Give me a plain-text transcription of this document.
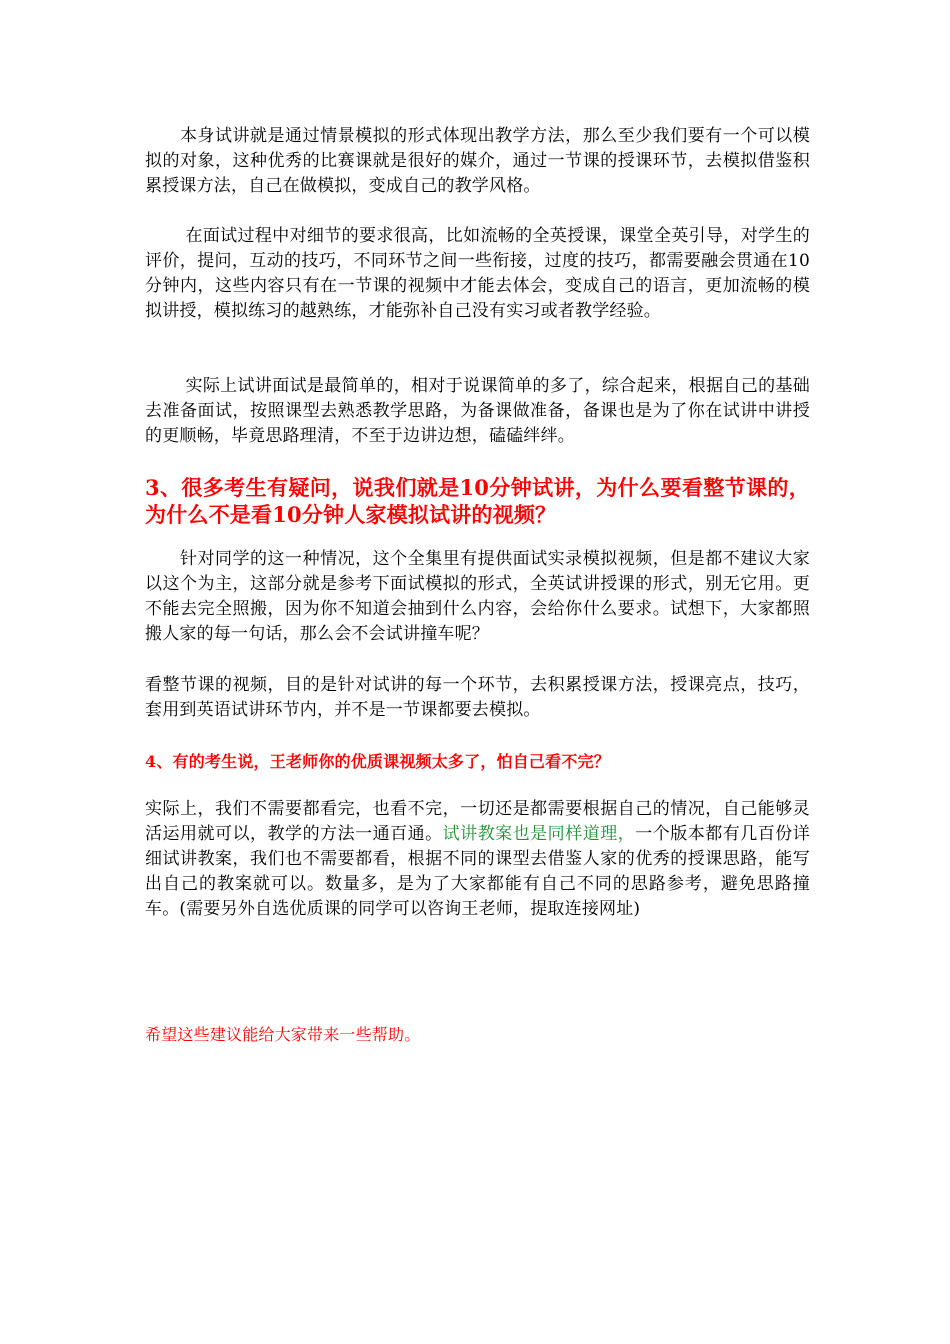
　　本身试讲就是通过情景模拟的形式体现出教学方法，那么至少我们要有一个可以模拟的对象，这种优秀的比赛课就是很好的媒介，通过一节课的授课环节，去模拟借鉴积累授课方法，自己在做模拟，变成自己的教学风格。

　　 在面试过程中对细节的要求很高，比如流畅的全英授课，课堂全英引导，对学生的评价，提问，互动的技巧，不同环节之间一些衔接，过度的技巧，都需要融会贯通在10分钟内，这些内容只有在一节课的视频中才能去体会，变成自己的语言，更加流畅的模拟讲授，模拟练习的越熟练，才能弥补自己没有实习或者教学经验。

　　 实际上试讲面试是最简单的，相对于说课简单的多了，综合起来，根据自己的基础　去准备面试，按照课型去熟悉教学思路，为备课做准备，备课也是为了你在试讲中讲授的更顺畅，毕竟思路理清，不至于边讲边想，磕磕绊绊。

3、很多考生有疑问，说我们就是10分钟试讲，为什么要看整节课的，为什么不是看10分钟人家模拟试讲的视频？

　　针对同学的这一种情况，这个全集里有提供面试实录模拟视频，但是都不建议大家以这个为主，这部分就是参考下面试模拟的形式，全英试讲授课的形式，别无它用。更不能去完全照搬，因为你不知道会抽到什么内容，会给你什么要求。试想下，大家都照搬人家的每一句话，那么会不会试讲撞车呢？

看整节课的视频，目的是针对试讲的每一个环节，去积累授课方法，授课亮点，技巧，套用到英语试讲环节内，并不是一节课都要去模拟。

4、有的考生说，王老师你的优质课视频太多了，怕自己看不完？

实际上，我们不需要都看完，也看不完，一切还是都需要根据自己的情况，自己能够灵活运用就可以，教学的方法一通百通。试讲教案也是同样道理，一个版本都有几百份详细试讲教案，我们也不需要都看，根据不同的课型去借鉴人家的优秀的授课思路，能写出自己的教案就可以。数量多，是为了大家都能有自己不同的思路参考，避免思路撞车。(需要另外自选优质课的同学可以咨询王老师，提取连接网址)

希望这些建议能给大家带来一些帮助。
